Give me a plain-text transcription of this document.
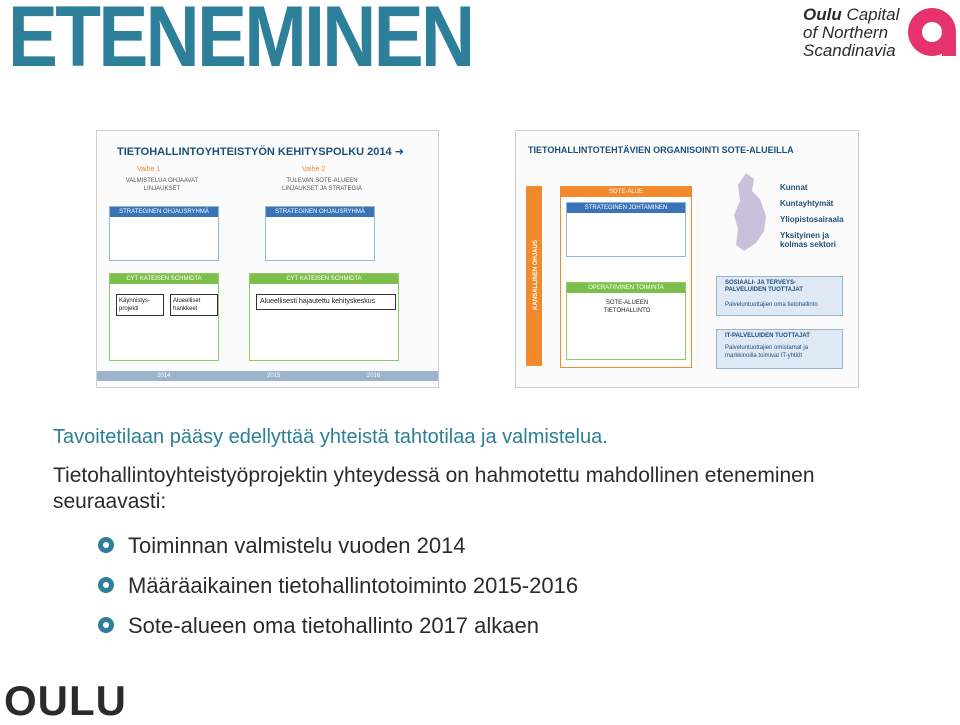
ETENEMINEN	Oulu Capital
of Northern
Scandinavia
TIETOHALLINTOYHTEISTYÖN KEHITYSPOLKU 2014 ➜
Vaihe 1
VALMISTELUA OHJAAVAT LINJAUKSET
Vaihe 2
TULEVAN SOTE-ALUEEN LINJAUKSET JA STRATEGIA
STRATEGINEN OHJAUSRYHMÄ	STRATEGINEN OHJAUSRYHMÄ
CYT KATEISEN SCHMIDTA
Käynnistys-projekti
Alueelliset hankkeet
CYT KATEISEN SCHMIDTA
Alueellisesti hajautettu kehityskeskus
2014	2015	2016
TIETOHALLINTOTEHTÄVIEN ORGANISOINTI SOTE-ALUEILLA
KANSALLINEN OHJAUS
SOTE-ALUE
STRATEGINEN JOHTAMINEN
OPERATIIVINEN TOIMINTA
SOTE-ALUEEN TIETOHALLINTO
Kunnat
Kuntayhtymät
Yliopistosairaala
Yksityinen ja kolmas sektori
SOSIAALI- JA TERVEYS-PALVELUIDEN TUOTTAJAT
Palveluntuottajien oma tietohallinto
IT-PALVELUIDEN TUOTTAJAT
Palveluntuottajien omistamat ja markkinoilla toimivat IT-yhtiöt
Tavoitetilaan pääsy edellyttää yhteistä tahtotilaa ja valmistelua.
Tietohallintoyhteistyöprojektin yhteydessä on hahmotettu mahdollinen eteneminen seuraavasti:
Toiminnan valmistelu vuoden 2014
Määräaikainen tietohallintotoiminto 2015-2016
Sote-alueen oma tietohallinto 2017 alkaen
OULU
